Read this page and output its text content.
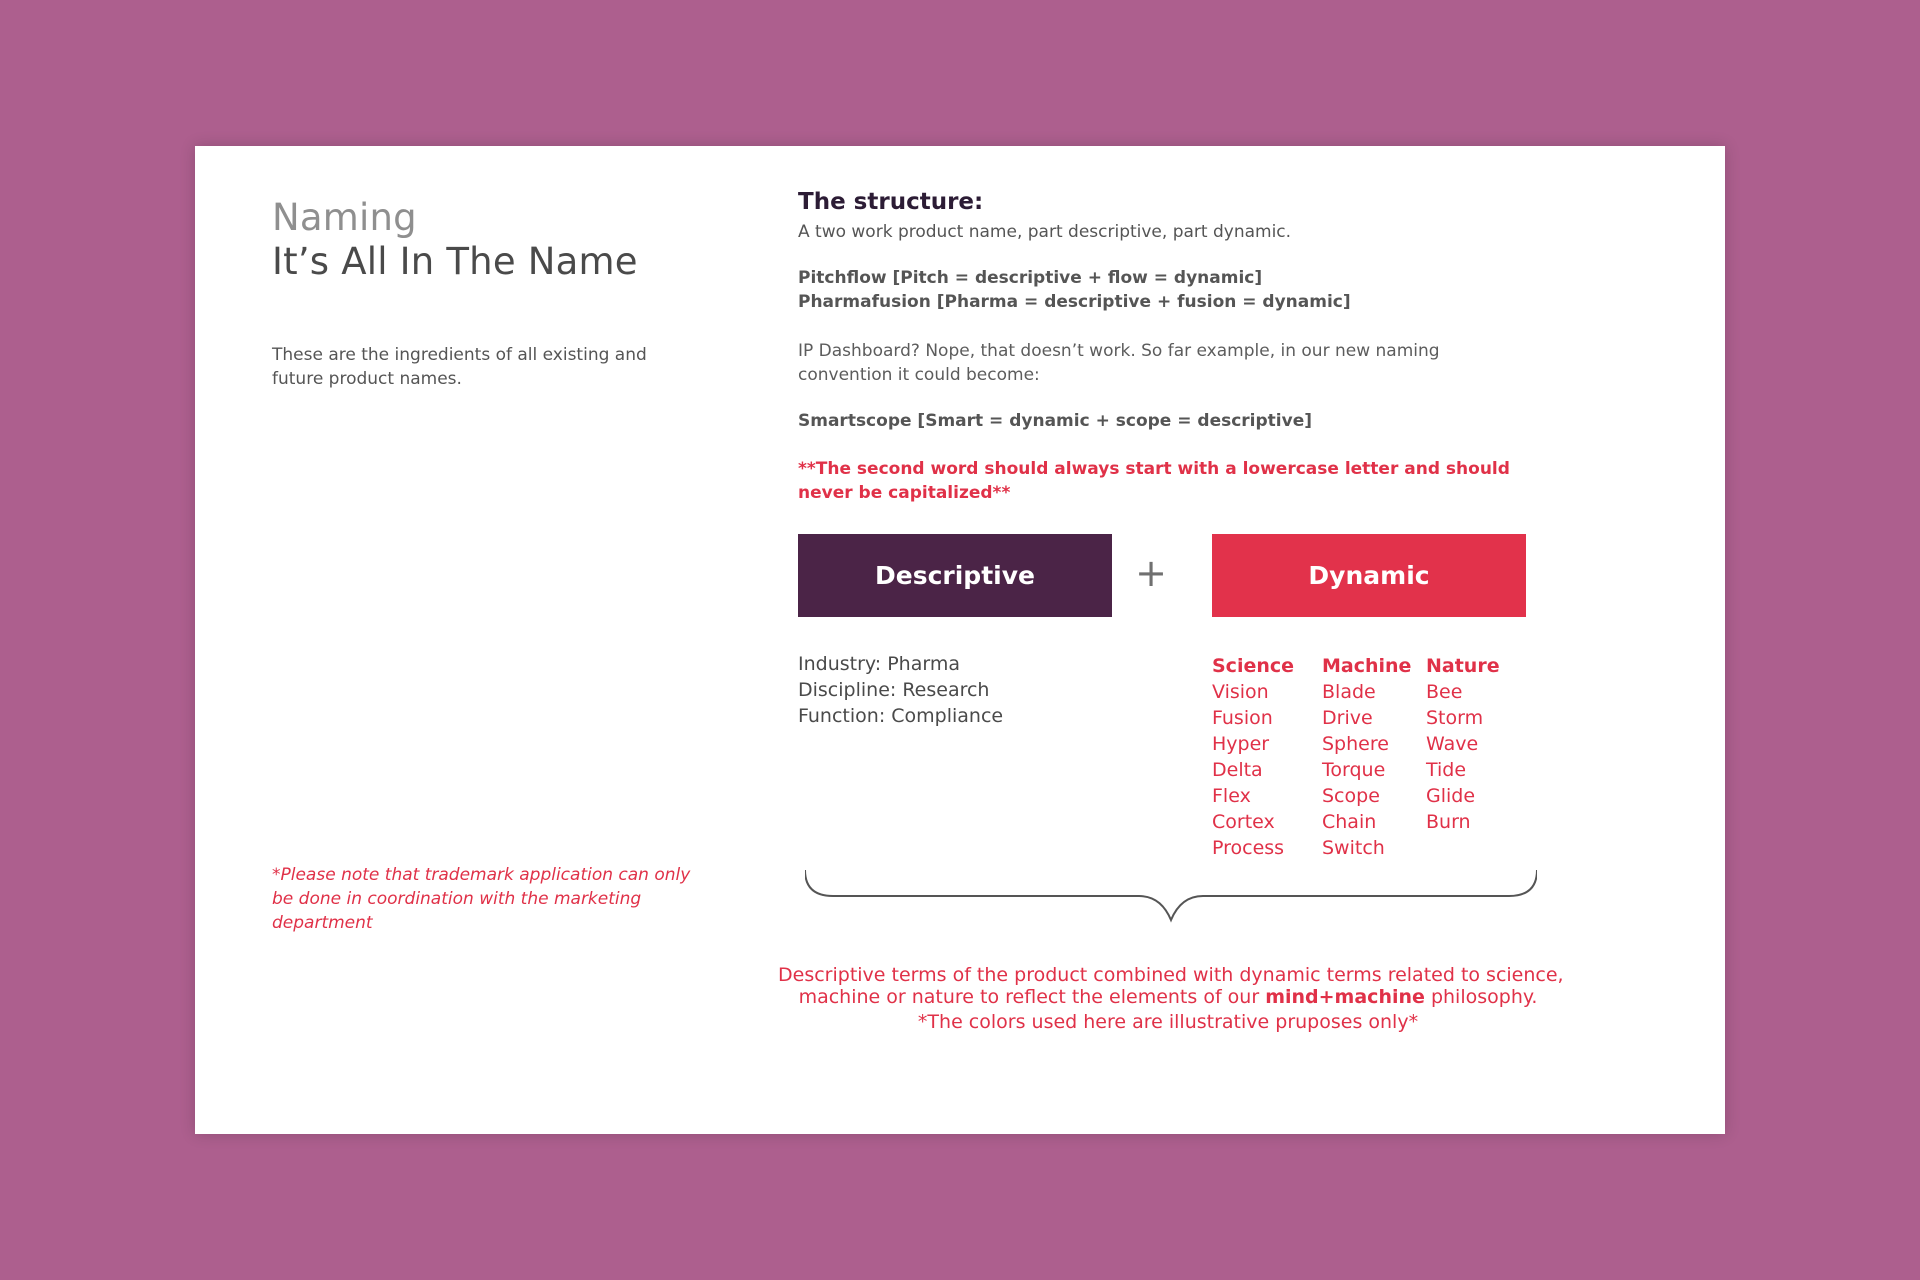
Naming
It’s All In The Name
These are the ingredients of all existing and future product names.
*Please note that trademark application can only be done in coordination with the marketing department
The structure:
A two work product name, part descriptive, part dynamic.
Pitchflow [Pitch = descriptive + flow = dynamic]
Pharmafusion [Pharma = descriptive + fusion = dynamic]
IP Dashboard? Nope, that doesn’t work. So far example, in our new naming convention it could become:
Smartscope [Smart = dynamic + scope = descriptive]
**The second word should always start with a lowercase letter and should never be capitalized**
Descriptive	+	Dynamic
Industry: Pharma
Discipline: Research
Function: Compliance
Science
Vision
Fusion
Hyper
Delta
Flex
Cortex
Process
Machine
Blade
Drive
Sphere
Torque
Scope
Chain
Switch
Nature
Bee
Storm
Wave
Tide
Glide
Burn
Descriptive terms of the product combined with dynamic terms related to science,
machine or nature to reflect the elements of our mind+machine philosophy.
*The colors used here are illustrative pruposes only*
